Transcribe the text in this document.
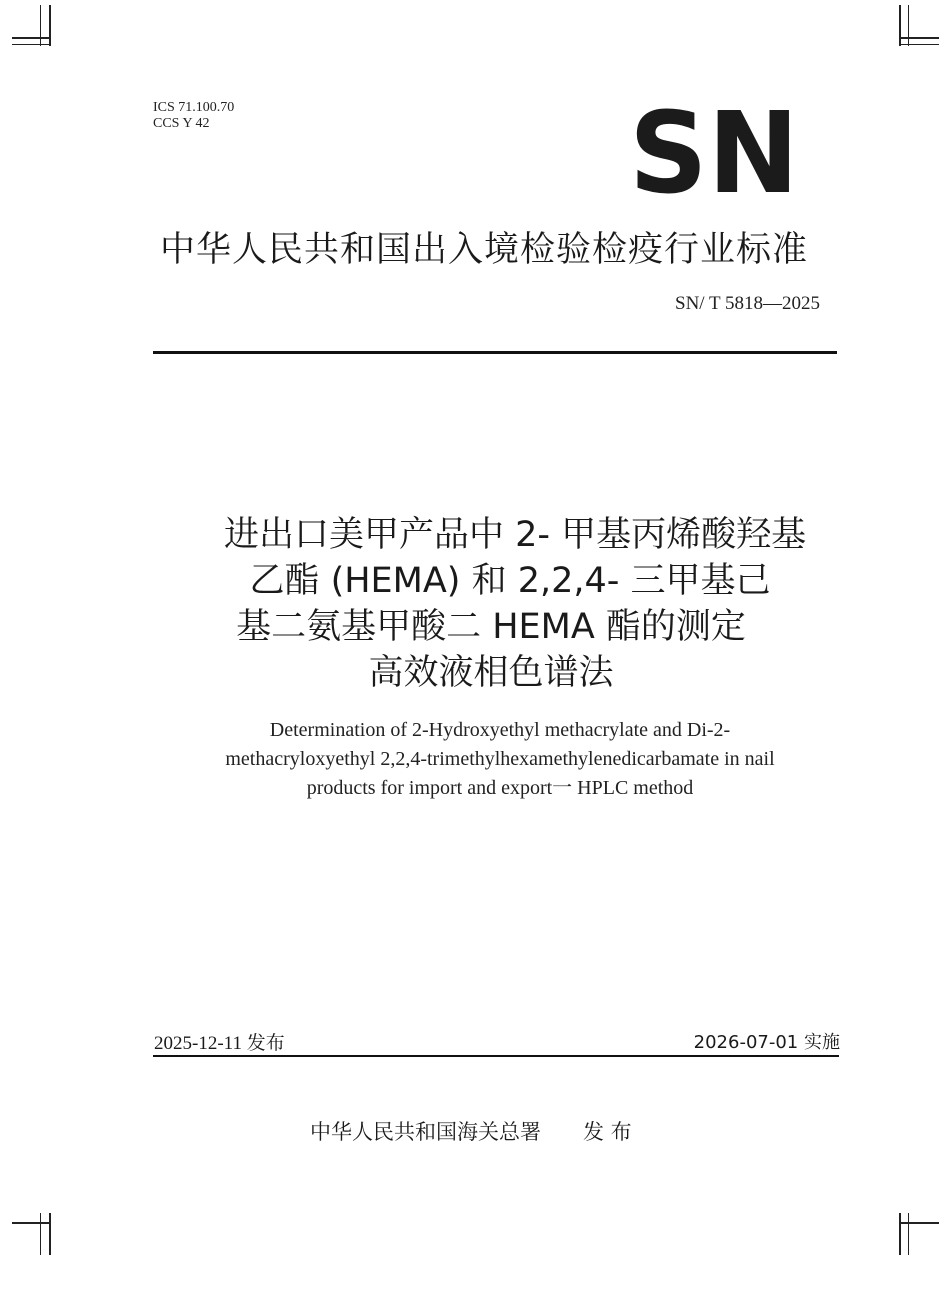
ICS 71.100.70
CCS Y 42	SN
中华人民共和国出入境检验检疫行业标准
SN/ T 5818—2025
进出口美甲产品中 2- 甲基丙烯酸羟基
乙酯 (HEMA) 和 2,2,4- 三甲基己
基二氨基甲酸二 HEMA 酯的测定
高效液相色谱法
Determination of 2-Hydroxyethyl methacrylate and Di-2-
methacryloxyethyl 2,2,4-trimethylhexamethylenedicarbamate in nail
products for import and export一 HPLC method
2025-12-11 发布	2026-07-01 实施
中华人民共和国海关总署 发 布
